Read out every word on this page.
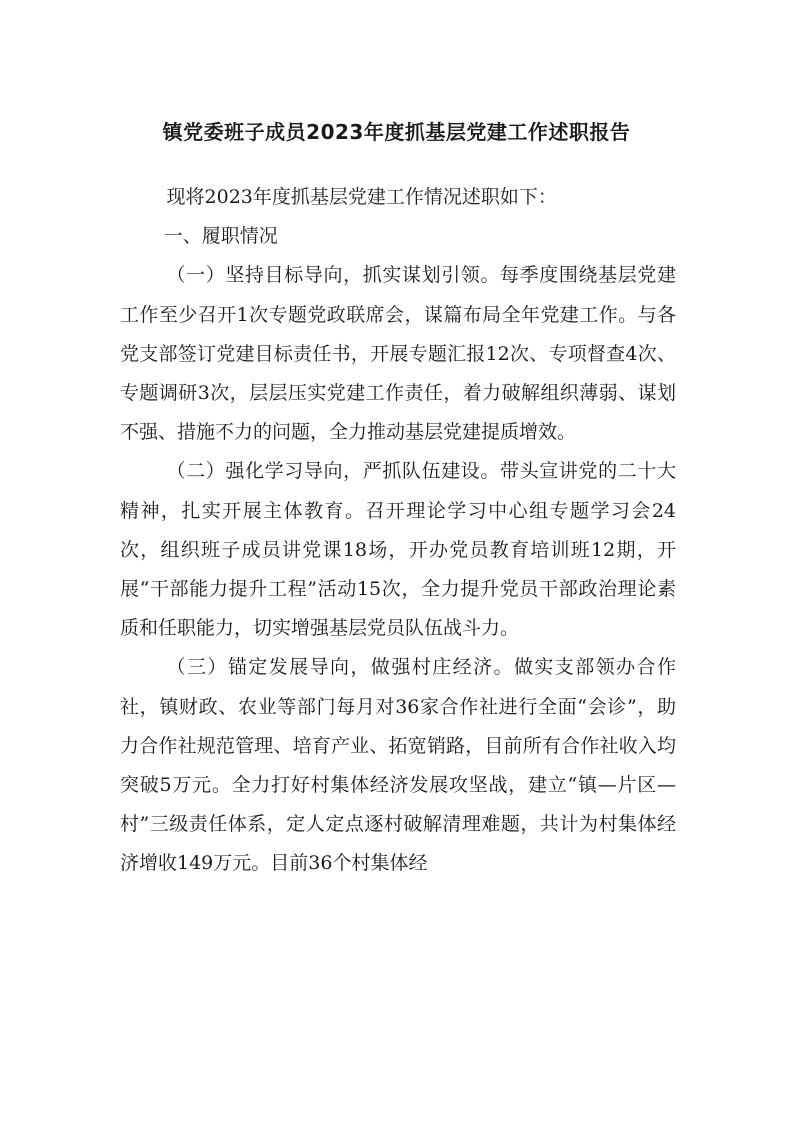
镇党委班子成员2023年度抓基层党建工作述职报告

现将2023年度抓基层党建工作情况述职如下：

一、履职情况

（一）坚持目标导向，抓实谋划引领。每季度围绕基层党建工作至少召开1次专题党政联席会，谋篇布局全年党建工作。与各党支部签订党建目标责任书，开展专题汇报12次、专项督查4次、专题调研3次，层层压实党建工作责任，着力破解组织薄弱、谋划不强、措施不力的问题，全力推动基层党建提质增效。

（二）强化学习导向，严抓队伍建设。带头宣讲党的二十大精神，扎实开展主体教育。召开理论学习中心组专题学习会24次，组织班子成员讲党课18场，开办党员教育培训班12期，开展“干部能力提升工程”活动15次，全力提升党员干部政治理论素质和任职能力，切实增强基层党员队伍战斗力。

（三）锚定发展导向，做强村庄经济。做实支部领办合作社，镇财政、农业等部门每月对36家合作社进行全面“会诊”，助力合作社规范管理、培育产业、拓宽销路，目前所有合作社收入均突破5万元。全力打好村集体经济发展攻坚战，建立“镇—片区—村”三级责任体系，定人定点逐村破解清理难题，共计为村集体经济增收149万元。目前36个村集体经
